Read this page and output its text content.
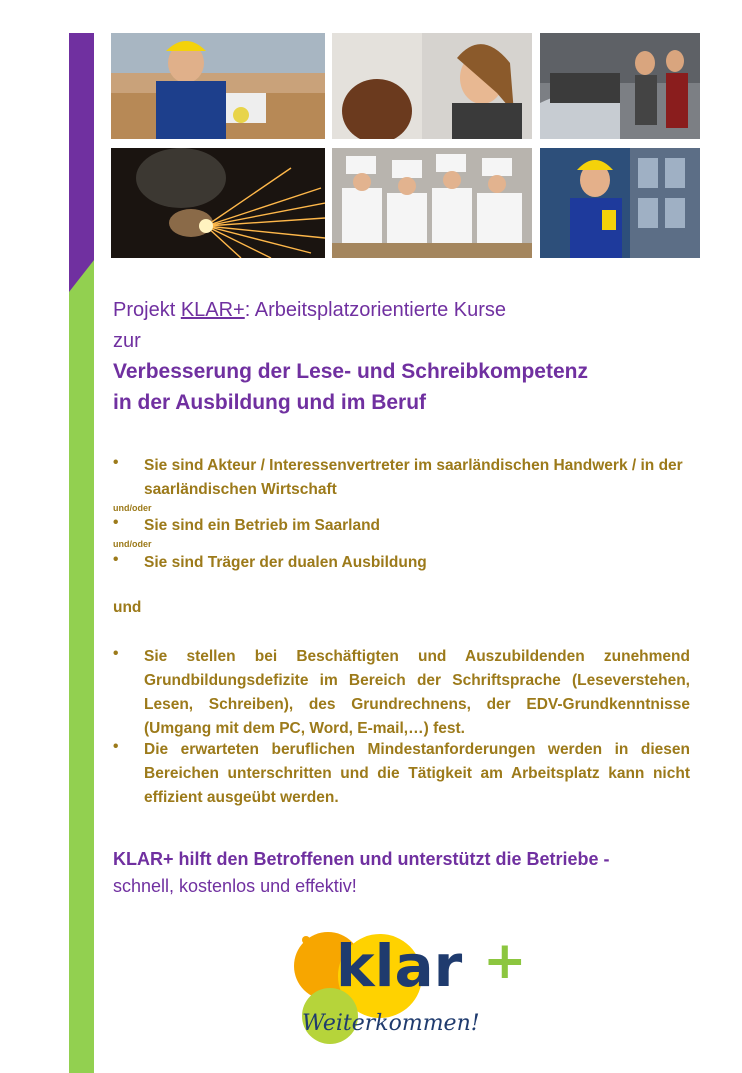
Projekt KLAR+: Arbeitsplatzorientierte Kurse
zur
Verbesserung der Lese- und Schreibkompetenz
in der Ausbildung und im Beruf
• Sie sind Akteur / Interessenvertreter im saarländischen Handwerk / in der saarländischen Wirtschaft
und/oder
• Sie sind ein Betrieb im Saarland
und/oder
• Sie sind Träger der dualen Ausbildung
und
• Sie stellen bei Beschäftigten und Auszubildenden zunehmend Grundbildungsdefizite im Bereich der Schriftsprache (Leseverstehen, Lesen, Schreiben), des Grundrechnens, der EDV-Grundkenntnisse (Umgang mit dem PC, Word, E-mail,…) fest.
• Die erwarteten beruflichen Mindestanforderungen werden in diesen Bereichen unterschritten und die Tätigkeit am Arbeitsplatz kann nicht effizient ausgeübt werden.
KLAR+ hilft den Betroffenen und unterstützt die Betriebe -
schnell, kostenlos und effektiv!
klar +
Weiterkommen!
